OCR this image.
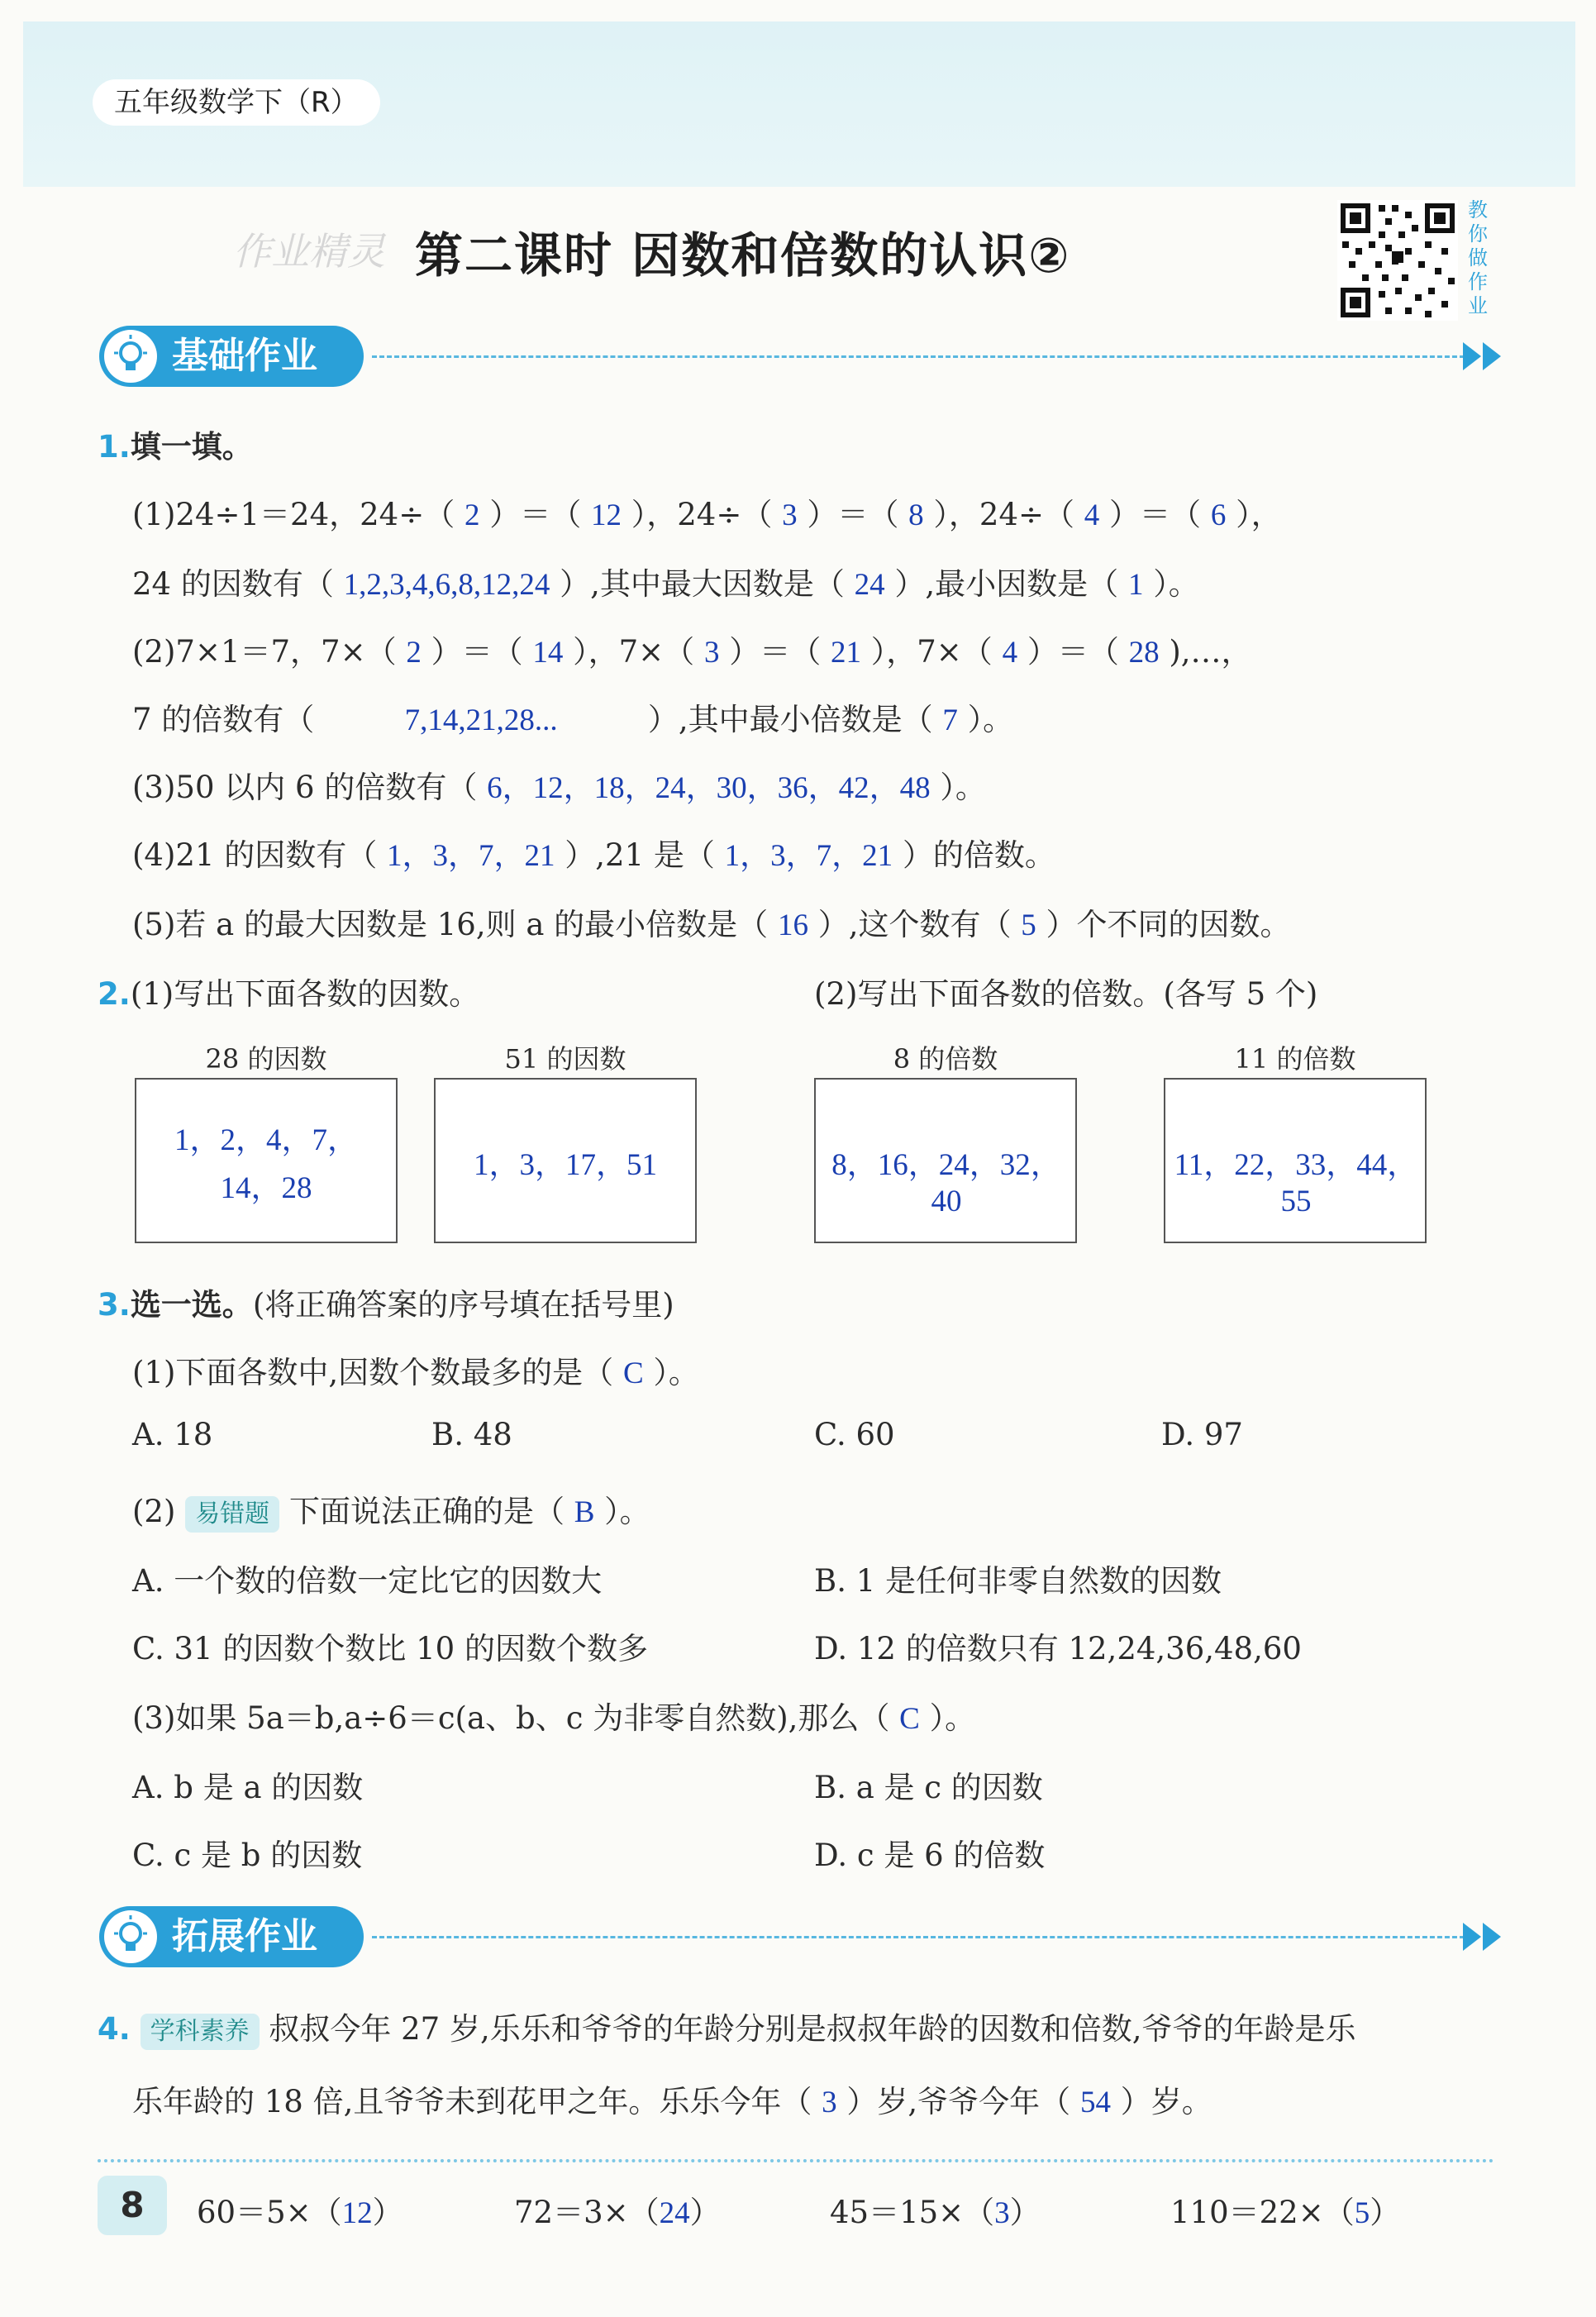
五年级数学下（R）
作业精灵 第二课时 因数和倍数的认识②
教你做作业
基础作业
1.填一填。
(1)24÷1＝24，24÷（ 2 ）＝（ 12 ），24÷（ 3 ）＝（ 8 ），24÷（ 4 ）＝（ 6 ），
24 的因数有（ 1,2,3,4,6,8,12,24 ）,其中最大因数是（ 24 ）,最小因数是（ 1 ）。
(2)7×1＝7，7×（ 2 ）＝（ 14 ），7×（ 3 ）＝（ 21 ），7×（ 4 ）＝（ 28 ),…，
7 的倍数有（	7,14,21,28...	）,其中最小倍数是（ 7 ）。
(3)50 以内 6 的倍数有（ 6，12，18，24，30，36，42，48 ）。
(4)21 的因数有（ 1，3，7，21 ）,21 是（ 1，3，7，21 ）的倍数。
(5)若 a 的最大因数是 16,则 a 的最小倍数是（ 16 ）,这个数有（ 5 ）个不同的因数。
2.(1)写出下面各数的因数。	(2)写出下面各数的倍数。(各写 5 个)
28 的因数	51 的因数	8 的倍数	11 的倍数
1，2，4，7，
14，28
1，3，17，51	8，16，24，32，40
11，22，33，44，55
3.选一选。(将正确答案的序号填在括号里)
(1)下面各数中,因数个数最多的是（ C ）。
A. 18	B. 48	C. 60	D. 97
(2) 易错题 下面说法正确的是（ B ）。
A. 一个数的倍数一定比它的因数大	B. 1 是任何非零自然数的因数
C. 31 的因数个数比 10 的因数个数多	D. 12 的倍数只有 12,24,36,48,60
(3)如果 5a＝b,a÷6＝c(a、b、c 为非零自然数),那么（ C ）。
A. b 是 a 的因数	B. a 是 c 的因数
C. c 是 b 的因数	D. c 是 6 的倍数
拓展作业
4. 学科素养 叔叔今年 27 岁,乐乐和爷爷的年龄分别是叔叔年龄的因数和倍数,爷爷的年龄是乐
乐年龄的 18 倍,且爷爷未到花甲之年。乐乐今年（ 3 ）岁,爷爷今年（ 54 ）岁。
8	60＝5×（12）	72＝3×（24）	45＝15×（3）	110＝22×（5）
